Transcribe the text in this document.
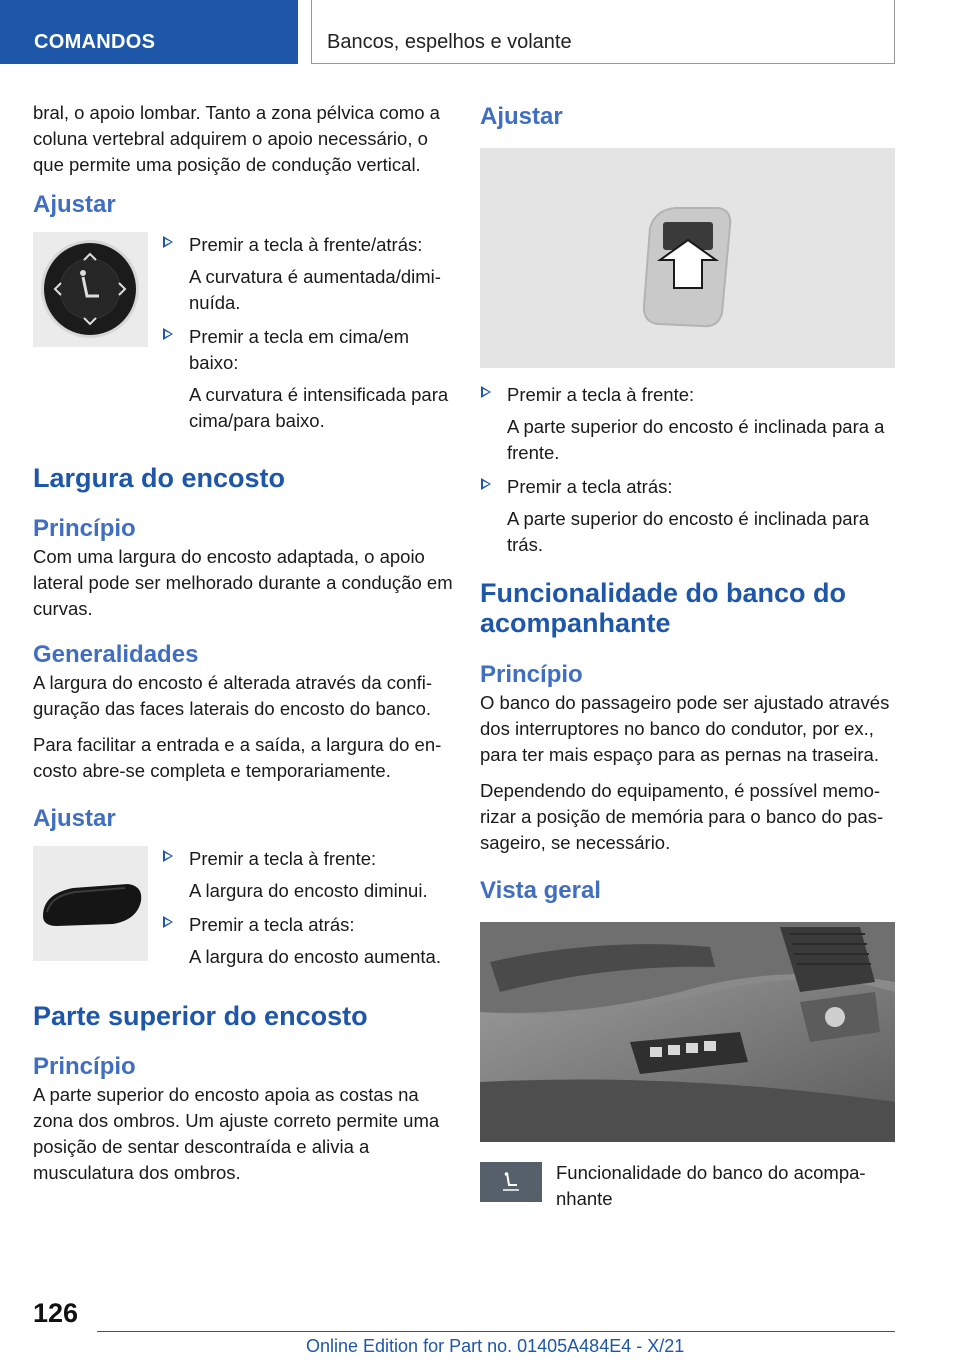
COMANDOS	Bancos, espelhos e volante

bral, o apoio lombar. Tanto a zona pélvica como a coluna vertebral adquirem o apoio necessário, o que permite uma posição de condução vertical.

Ajustar

Premir a tecla à frente/atrás:

A curvatura é aumentada/diminuída.

Premir a tecla em cima/em baixo:

A curvatura é intensificada para cima/para baixo.

Largura do encosto
Princípio

Com uma largura do encosto adaptada, o apoio lateral pode ser melhorado durante a condução em curvas.

Generalidades

A largura do encosto é alterada através da configuração das faces laterais do encosto do banco.

Para facilitar a entrada e a saída, a largura do encosto abre-se completa e temporariamente.

Ajustar

Premir a tecla à frente:

A largura do encosto diminui.

Premir a tecla atrás:

A largura do encosto aumenta.

Parte superior do encosto
Princípio

A parte superior do encosto apoia as costas na zona dos ombros. Um ajuste correto permite uma posição de sentar descontraída e alivia a musculatura dos ombros.

Ajustar

Premir a tecla à frente:

A parte superior do encosto é inclinada para a frente.

Premir a tecla atrás:

A parte superior do encosto é inclinada para trás.

Funcionalidade do banco do acompanhante
Princípio

O banco do passageiro pode ser ajustado através dos interruptores no banco do condutor, por ex., para ter mais espaço para as pernas na traseira.

Dependendo do equipamento, é possível memorizar a posição de memória para o banco do passageiro, se necessário.

Vista geral

Funcionalidade do banco do acompanhante

126
Online Edition for Part no. 01405A484E4 - X/21
